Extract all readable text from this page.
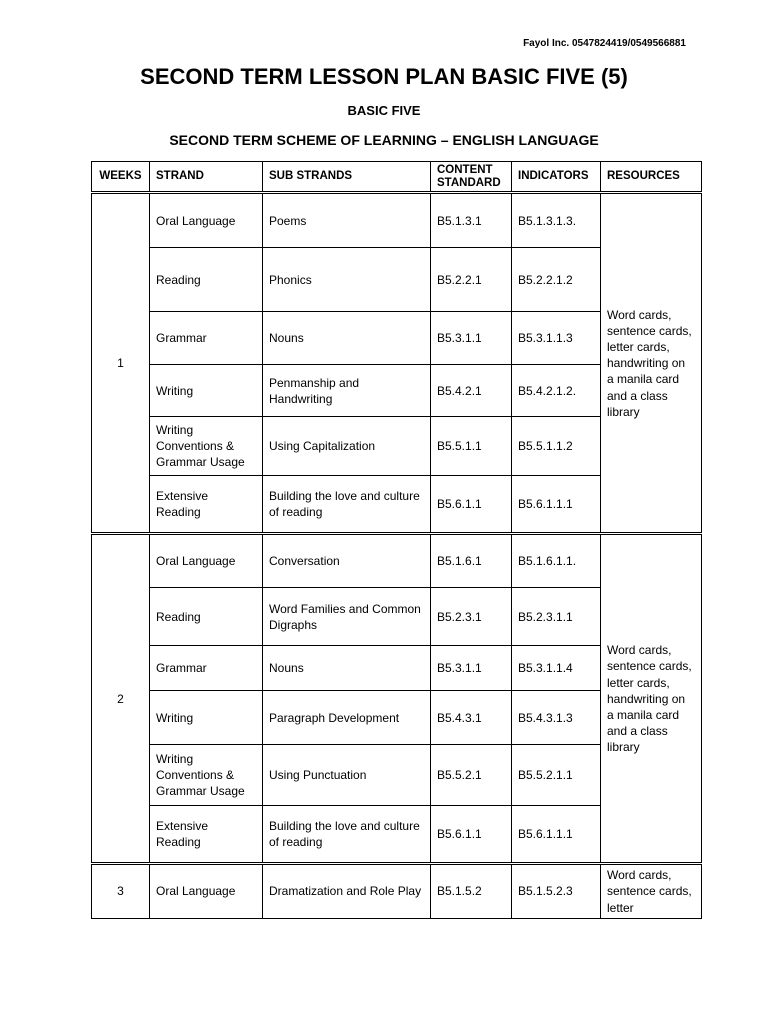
Fayol Inc. 0547824419/0549566881
SECOND TERM LESSON PLAN BASIC FIVE (5)
BASIC FIVE
SECOND TERM SCHEME OF LEARNING – ENGLISH LANGUAGE
WEEKS	STRAND	SUB STRANDS	CONTENT STANDARD	INDICATORS	RESOURCES
1	Oral Language	Poems	B5.1.3.1	B5.1.3.1.3.	Word cards, sentence cards, letter cards, handwriting on a manila card and a class library
	Reading	Phonics	B5.2.2.1	B5.2.2.1.2	
	Grammar	Nouns	B5.3.1.1	B5.3.1.1.3	
	Writing	Penmanship and Handwriting	B5.4.2.1	B5.4.2.1.2.	
	Writing Conventions & Grammar Usage	Using Capitalization	B5.5.1.1	B5.5.1.1.2	
	Extensive Reading	Building the love and culture of reading	B5.6.1.1	B5.6.1.1.1	
2	Oral Language	Conversation	B5.1.6.1	B5.1.6.1.1.	Word cards, sentence cards, letter cards, handwriting on a manila card and a class library
	Reading	Word Families and Common Digraphs	B5.2.3.1	B5.2.3.1.1	
	Grammar	Nouns	B5.3.1.1	B5.3.1.1.4	
	Writing	Paragraph Development	B5.4.3.1	B5.4.3.1.3	
	Writing Conventions & Grammar Usage	Using Punctuation	B5.5.2.1	B5.5.2.1.1	
	Extensive Reading	Building the love and culture of reading	B5.6.1.1	B5.6.1.1.1	
3	Oral Language	Dramatization and Role Play	B5.1.5.2	B5.1.5.2.3	Word cards, sentence cards, letter
